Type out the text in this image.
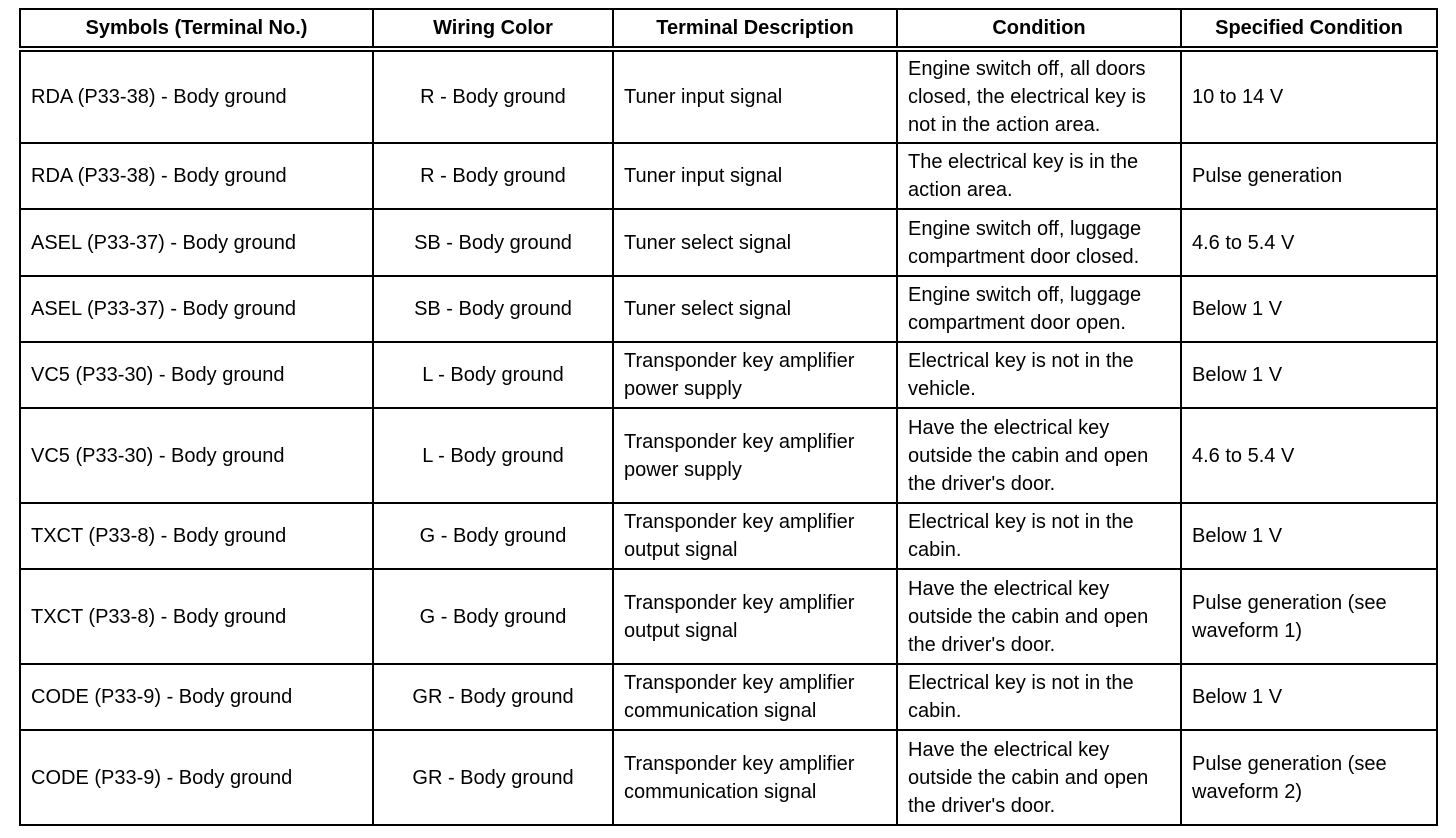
Symbols (Terminal No.)	Wiring Color	Terminal Description	Condition	Specified Condition
RDA (P33-38) - Body ground	R - Body ground	Tuner input signal	Engine switch off, all doors closed, the electrical key is not in the action area.	10 to 14 V
RDA (P33-38) - Body ground	R - Body ground	Tuner input signal	The electrical key is in the action area.	Pulse generation
ASEL (P33-37) - Body ground	SB - Body ground	Tuner select signal	Engine switch off, luggage compartment door closed.	4.6 to 5.4 V
ASEL (P33-37) - Body ground	SB - Body ground	Tuner select signal	Engine switch off, luggage compartment door open.	Below 1 V
VC5 (P33-30) - Body ground	L - Body ground	Transponder key amplifier power supply	Electrical key is not in the vehicle.	Below 1 V
VC5 (P33-30) - Body ground	L - Body ground	Transponder key amplifier power supply	Have the electrical key outside the cabin and open the driver's door.	4.6 to 5.4 V
TXCT (P33-8) - Body ground	G - Body ground	Transponder key amplifier output signal	Electrical key is not in the cabin.	Below 1 V
TXCT (P33-8) - Body ground	G - Body ground	Transponder key amplifier output signal	Have the electrical key outside the cabin and open the driver's door.	Pulse generation (see waveform 1)
CODE (P33-9) - Body ground	GR - Body ground	Transponder key amplifier communication signal	Electrical key is not in the cabin.	Below 1 V
CODE (P33-9) - Body ground	GR - Body ground	Transponder key amplifier communication signal	Have the electrical key outside the cabin and open the driver's door.	Pulse generation (see waveform 2)
